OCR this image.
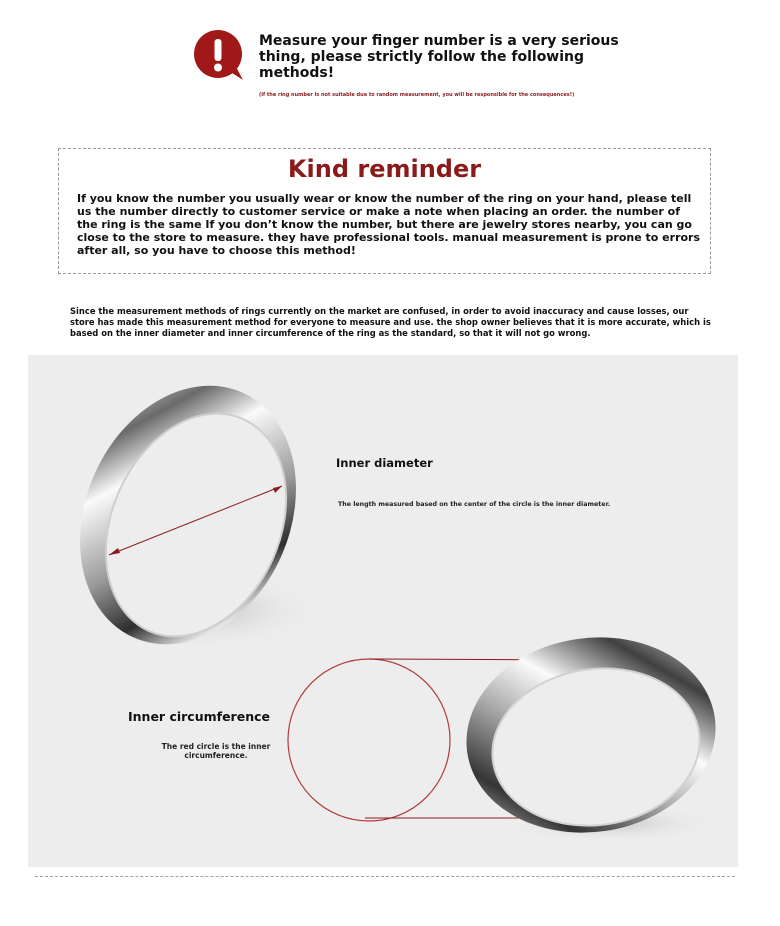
Measure your finger number is a very serious thing, please strictly follow the following methods!
(if the ring number is not suitable due to random measurement, you will be responsible for the consequences!)
Kind reminder
If you know the number you usually wear or know the number of the ring on your hand, please tell us the number directly to customer service or make a note when placing an order. the number of the ring is the same If you don’t know the number, but there are jewelry stores nearby, you can go close to the store to measure. they have professional tools. manual measurement is prone to errors after all, so you have to choose this method!
Since the measurement methods of rings currently on the market are confused, in order to avoid inaccuracy and cause losses, our store has made this measurement method for everyone to measure and use. the shop owner believes that it is more accurate, which is based on the inner diameter and inner circumference of the ring as the standard, so that it will not go wrong.
Inner diameter
The length measured based on the center of the circle is the inner diameter.
Inner circumference
The red circle is the inner circumference.
